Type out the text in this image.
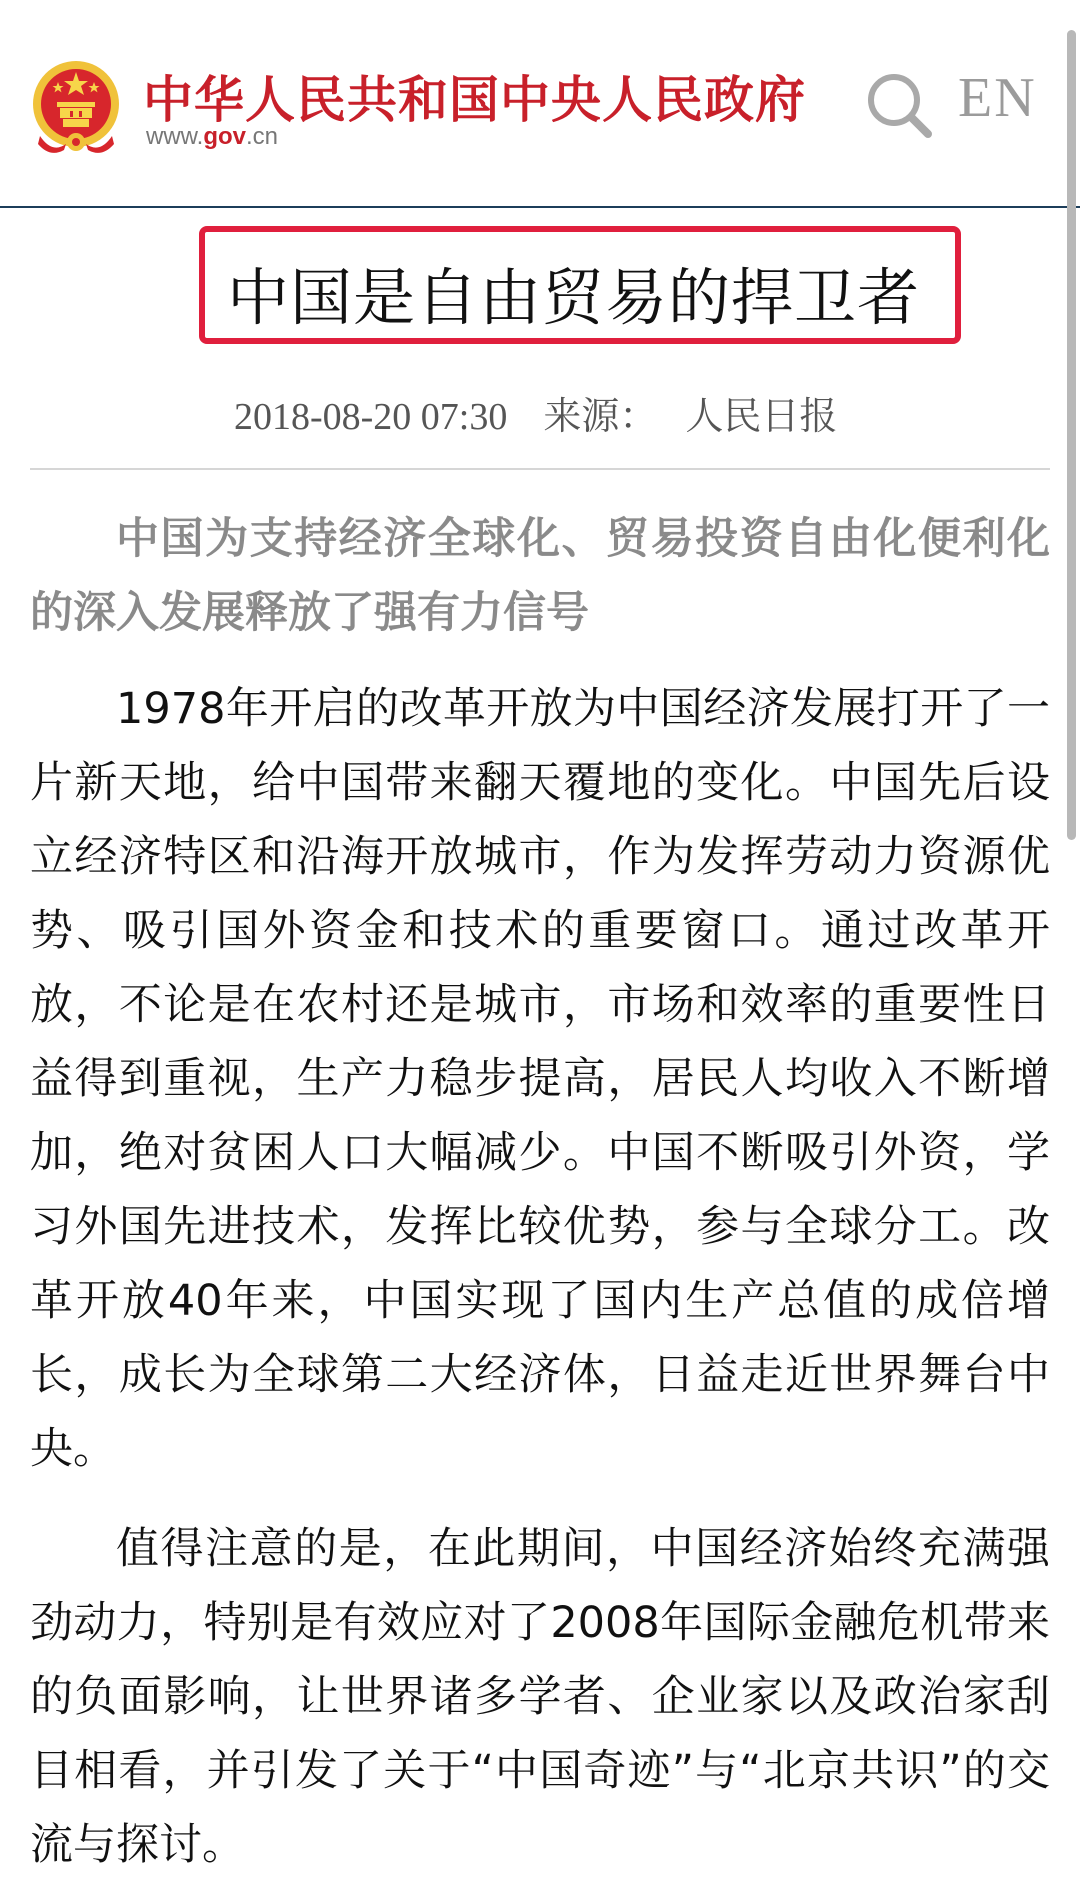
中华人民共和国中央人民政府
www.gov.cn
EN
中国是自由贸易的捍卫者
2018-08-20 07:30 来源： 人民日报

中国为支持经济全球化、贸易投资自由化便利化的深入发展释放了强有力信号

1978年开启的改革开放为中国经济发展打开了一片新天地，给中国带来翻天覆地的变化。中国先后设立经济特区和沿海开放城市，作为发挥劳动力资源优势、吸引国外资金和技术的重要窗口。通过改革开放，不论是在农村还是城市，市场和效率的重要性日益得到重视，生产力稳步提高，居民人均收入不断增加，绝对贫困人口大幅减少。中国不断吸引外资，学习外国先进技术，发挥比较优势，参与全球分工。改革开放40年来，中国实现了国内生产总值的成倍增长，成长为全球第二大经济体，日益走近世界舞台中央。

值得注意的是，在此期间，中国经济始终充满强劲动力，特别是有效应对了2008年国际金融危机带来的负面影响，让世界诸多学者、企业家以及政治家刮目相看，并引发了关于“中国奇迹”与“北京共识”的交流与探讨。
